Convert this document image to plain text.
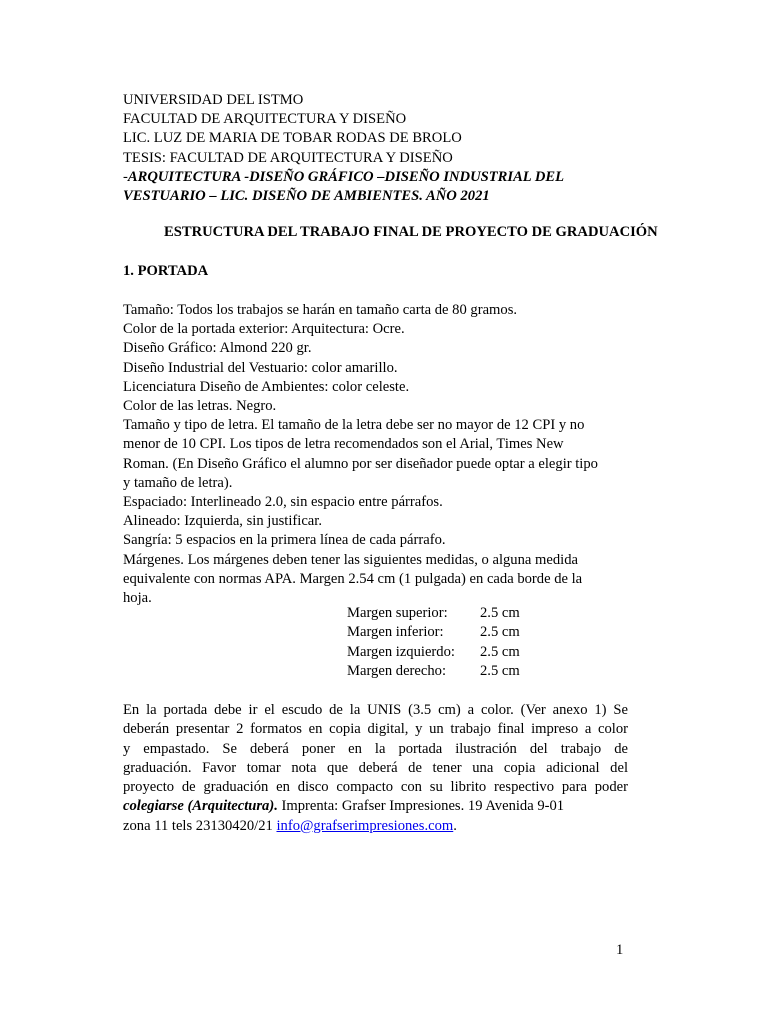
UNIVERSIDAD DEL ISTMO
FACULTAD DE ARQUITECTURA Y DISEÑO
LIC. LUZ DE MARIA DE TOBAR RODAS DE BROLO
TESIS: FACULTAD DE ARQUITECTURA Y DISEÑO
-ARQUITECTURA -DISEÑO GRÁFICO –DISEÑO INDUSTRIAL DEL
VESTUARIO – LIC. DISEÑO DE AMBIENTES. AÑO 2021
ESTRUCTURA DEL TRABAJO FINAL DE PROYECTO DE GRADUACIÓN
1. PORTADA
Tamaño: Todos los trabajos se harán en tamaño carta de 80 gramos.
Color de la portada exterior: Arquitectura: Ocre.
Diseño Gráfico: Almond 220 gr.
Diseño Industrial del Vestuario: color amarillo.
Licenciatura Diseño de Ambientes: color celeste.
Color de las letras. Negro.
Tamaño y tipo de letra. El tamaño de la letra debe ser no mayor de 12 CPI y no
menor de 10 CPI. Los tipos de letra recomendados son el Arial, Times New
Roman. (En Diseño Gráfico el alumno por ser diseñador puede optar a elegir tipo
y tamaño de letra).
Espaciado: Interlineado 2.0, sin espacio entre párrafos.
Alineado: Izquierda, sin justificar.
Sangría: 5 espacios en la primera línea de cada párrafo.
Márgenes. Los márgenes deben tener las siguientes medidas, o alguna medida
equivalente con normas APA. Margen 2.54 cm (1 pulgada) en cada borde de la
hoja.
Margen superior: 2.5 cm
Margen inferior: 2.5 cm
Margen izquierdo: 2.5 cm
Margen derecho: 2.5 cm
En la portada debe ir el escudo de la UNIS (3.5 cm) a color. (Ver anexo 1) Se
deberán presentar 2 formatos en copia digital, y un trabajo final impreso a color
y empastado. Se deberá poner en la portada ilustración del trabajo de
graduación. Favor tomar nota que deberá de tener una copia adicional del
proyecto de graduación en disco compacto con su librito respectivo para poder
colegiarse (Arquitectura). Imprenta: Grafser Impresiones. 19 Avenida 9-01
zona 11 tels 23130420/21 info@grafserimpresiones.com.
1
